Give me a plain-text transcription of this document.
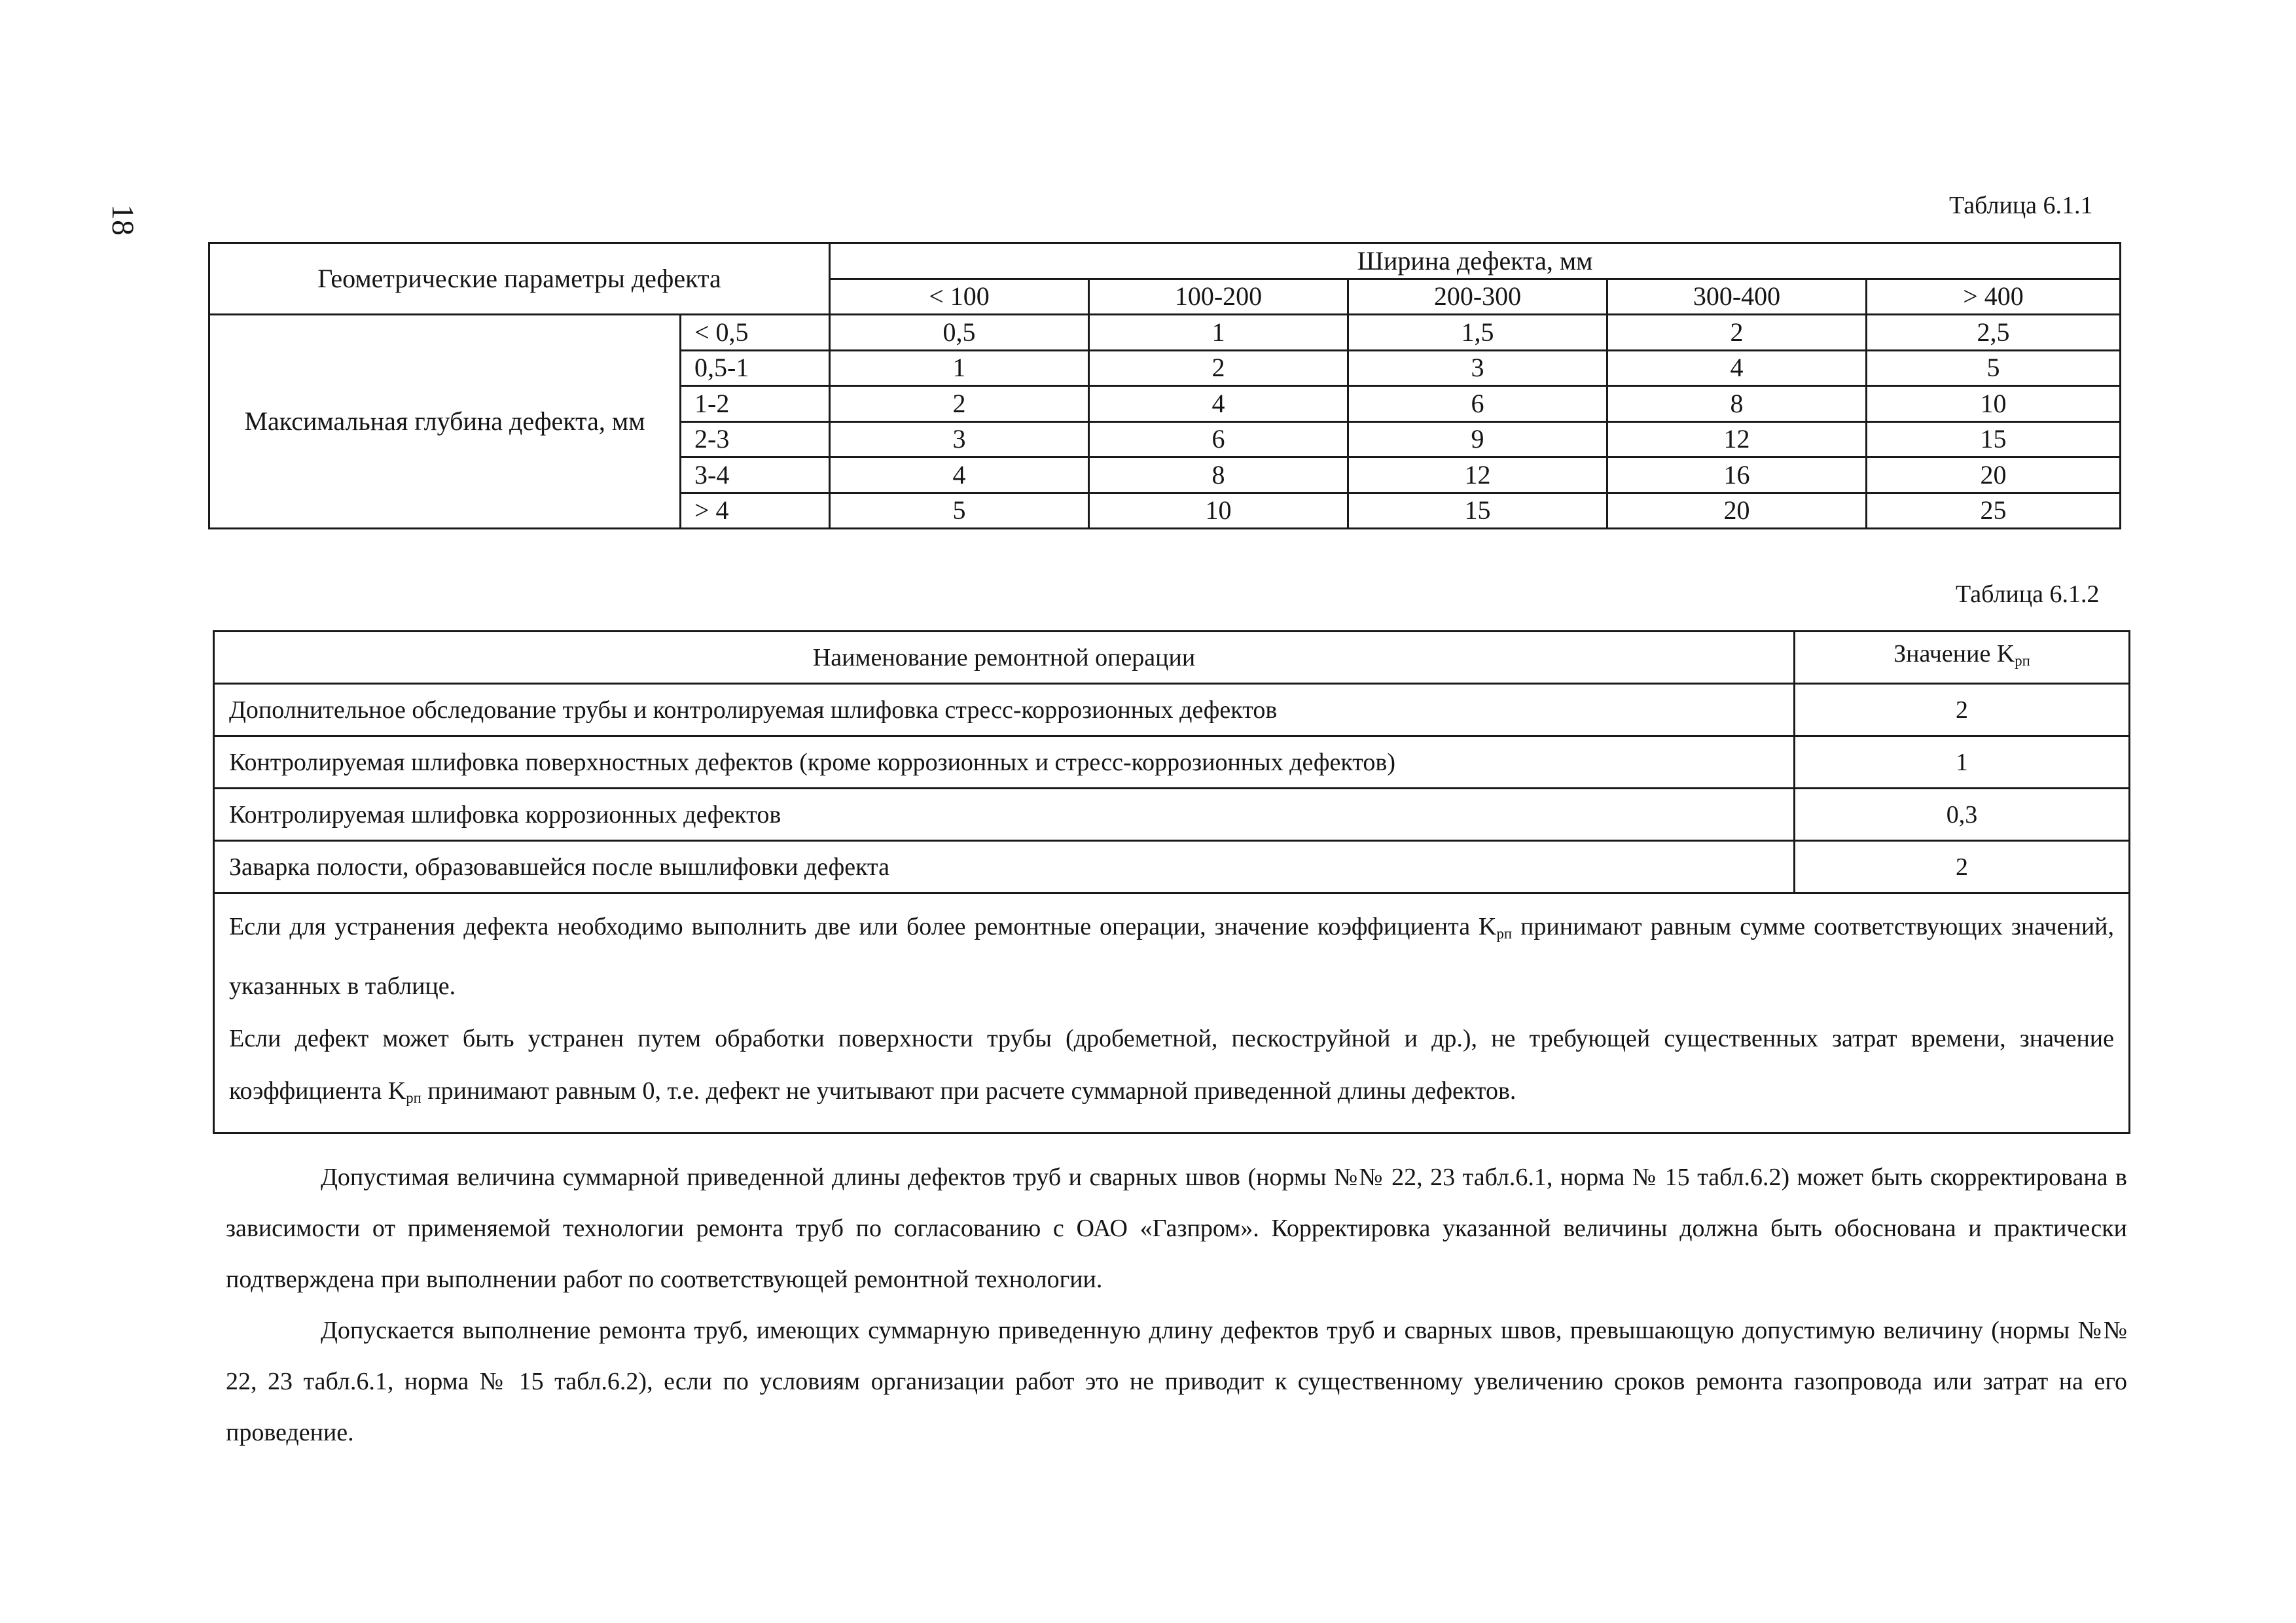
18	Таблица 6.1.1
Геометрические параметры дефекта		Ширина дефекта, мм				
		< 100	100-200	200-300	300-400	> 400
Максимальная глубина дефекта, мм	< 0,5	0,5	1	1,5	2	2,5
	0,5-1	1	2	3	4	5
	1-2	2	4	6	8	10
	2-3	3	6	9	12	15
	3-4	4	8	12	16	20
	> 4	5	10	15	20	25
Таблица 6.1.2
Наименование ремонтной операции	Значение $K_{рп}$
Дополнительное обследование трубы и контролируемая шлифовка стресс-коррозионных дефектов	2
Контролируемая шлифовка поверхностных дефектов (кроме коррозионных и стресс-коррозионных дефектов)	1
Контролируемая шлифовка коррозионных дефектов	0,3
Заварка полости, образовавшейся после вышлифовки дефекта	2

Если для устранения дефекта необходимо выполнить две или более ремонтные операции, значение коэффициента $K_{рп}$ принимают равным сумме соответствующих значений, указанных в таблице.

Если дефект может быть устранен путем обработки поверхности трубы (дробеметной, пескоструйной и др.), не требующей существенных затрат времени, значение коэффициента $K_{рп}$ принимают равным 0, т.е. дефект не учитывают при расчете суммарной приведенной длины дефектов.	

Допустимая величина суммарной приведенной длины дефектов труб и сварных швов (нормы №№ 22, 23 табл.6.1, норма № 15 табл.6.2) может быть скорректирована в зависимости от применяемой технологии ремонта труб по согласованию с ОАО «Газпром». Корректировка указанной величины должна быть обоснована и практически подтверждена при выполнении работ по соответствующей ремонтной технологии.

Допускается выполнение ремонта труб, имеющих суммарную приведенную длину дефектов труб и сварных швов, превышающую допустимую величину (нормы №№ 22, 23 табл.6.1, норма № 15 табл.6.2), если по условиям организации работ это не приводит к существенному увеличению сроков ремонта газопровода или затрат на его проведение.
